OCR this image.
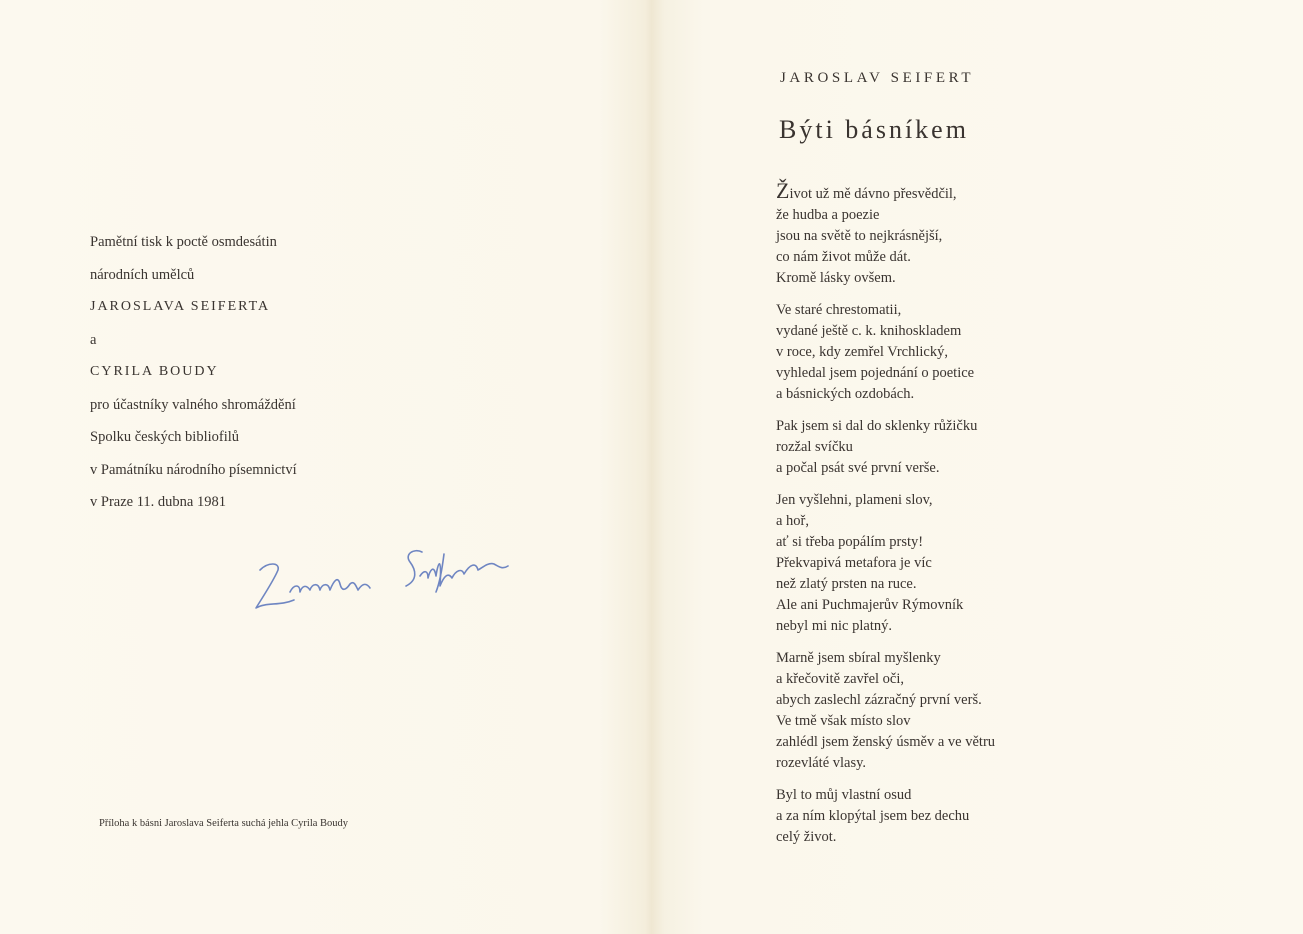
Pamětní tisk k poctě osmdesátin
národních umělců
JAROSLAVA SEIFERTA
a
CYRILA BOUDY
pro účastníky valného shromáždění
Spolku českých bibliofilů
v Památníku národního písemnictví
v Praze 11. dubna 1981
Příloha k básni Jaroslava Seiferta suchá jehla Cyrila Boudy
JAROSLAV SEIFERT
Býti básníkem
Život už mě dávno přesvědčil,
že hudba a poezie
jsou na světě to nejkrásnější,
co nám život může dát.
Kromě lásky ovšem.
Ve staré chrestomatii,
vydané ještě c. k. knihoskladem
v roce, kdy zemřel Vrchlický,
vyhledal jsem pojednání o poetice
a básnických ozdobách.
Pak jsem si dal do sklenky růžičku
rozžal svíčku
a počal psát své první verše.
Jen vyšlehni, plameni slov,
a hoř,
ať si třeba popálím prsty!
Překvapivá metafora je víc
než zlatý prsten na ruce.
Ale ani Puchmajerův Rýmovník
nebyl mi nic platný.
Marně jsem sbíral myšlenky
a křečovitě zavřel oči,
abych zaslechl zázračný první verš.
Ve tmě však místo slov
zahlédl jsem ženský úsměv a ve větru
rozevláté vlasy.
Byl to můj vlastní osud
a za ním klopýtal jsem bez dechu
celý život.
